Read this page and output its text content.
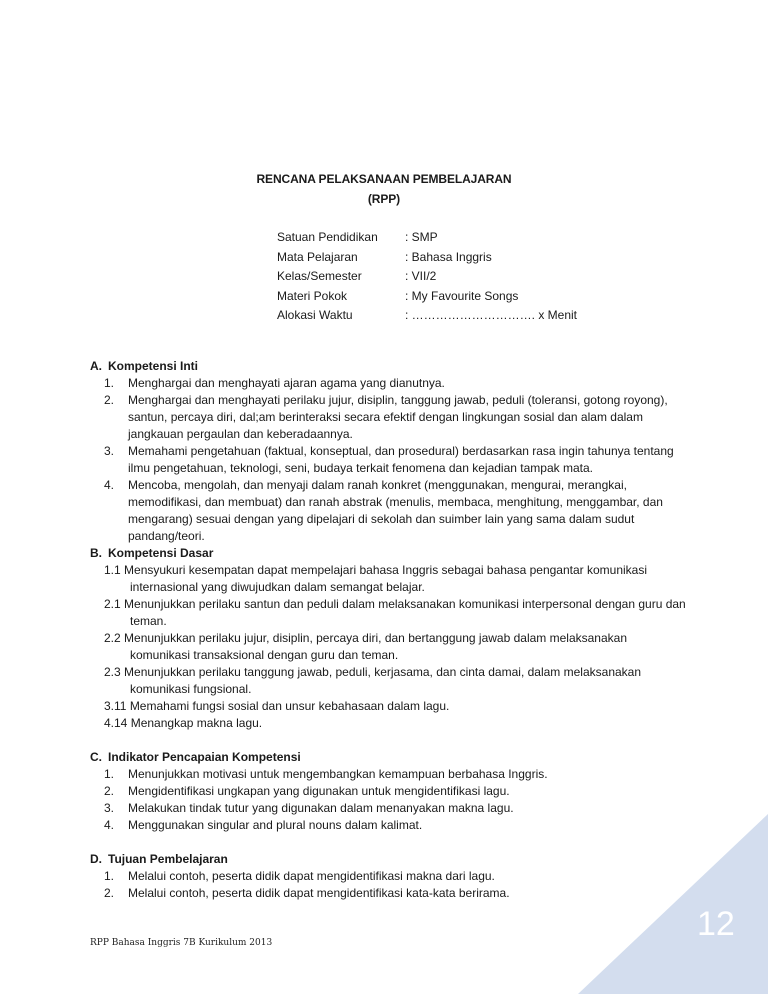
RENCANA PELAKSANAAN PEMBELAJARAN
(RPP)
Satuan Pendidikan : SMP
Mata Pelajaran	: Bahasa Inggris
Kelas/Semester	: VII/2
Materi Pokok	: My Favourite Songs
Alokasi Waktu	: …………………………. x Menit
A. Kompetensi Inti
1.	Menghargai dan menghayati ajaran agama yang dianutnya.
2.	Menghargai dan menghayati perilaku jujur, disiplin, tanggung jawab, peduli (toleransi, gotong royong), santun, percaya diri, dal;am berinteraksi secara efektif dengan lingkungan sosial dan alam dalam jangkauan pergaulan dan keberadaannya.
3.	Memahami pengetahuan (faktual, konseptual, dan prosedural) berdasarkan rasa ingin tahunya tentang ilmu pengetahuan, teknologi, seni, budaya terkait fenomena dan kejadian tampak mata.
4.	Mencoba, mengolah, dan menyaji dalam ranah konkret (menggunakan, mengurai, merangkai, memodifikasi, dan membuat) dan ranah abstrak (menulis, membaca, menghitung, menggambar, dan mengarang) sesuai dengan yang dipelajari di sekolah dan suimber lain yang sama dalam sudut pandang/teori.
B. Kompetensi Dasar
1.1 Mensyukuri kesempatan dapat mempelajari bahasa Inggris sebagai bahasa pengantar komunikasi internasional yang diwujudkan dalam semangat belajar.
2.1 Menunjukkan perilaku santun dan peduli dalam melaksanakan komunikasi interpersonal dengan guru dan teman.
2.2 Menunjukkan perilaku jujur, disiplin, percaya diri, dan bertanggung jawab dalam melaksanakan komunikasi transaksional dengan guru dan teman.
2.3 Menunjukkan perilaku tanggung jawab, peduli, kerjasama, dan cinta damai, dalam melaksanakan komunikasi fungsional.
3.11 Memahami fungsi sosial dan unsur kebahasaan dalam lagu.
4.14 Menangkap makna lagu.
C. Indikator Pencapaian Kompetensi
1.	Menunjukkan motivasi untuk mengembangkan kemampuan berbahasa Inggris.
2.	Mengidentifikasi ungkapan yang digunakan untuk mengidentifikasi lagu.
3.	Melakukan tindak tutur yang digunakan dalam menanyakan makna lagu.
4.	Menggunakan singular and plural nouns dalam kalimat.
D. Tujuan Pembelajaran
1.	Melalui contoh, peserta didik dapat mengidentifikasi makna dari lagu.
2.	Melalui contoh, peserta didik dapat mengidentifikasi kata-kata berirama.
RPP Bahasa Inggris 7B Kurikulum 2013	12
